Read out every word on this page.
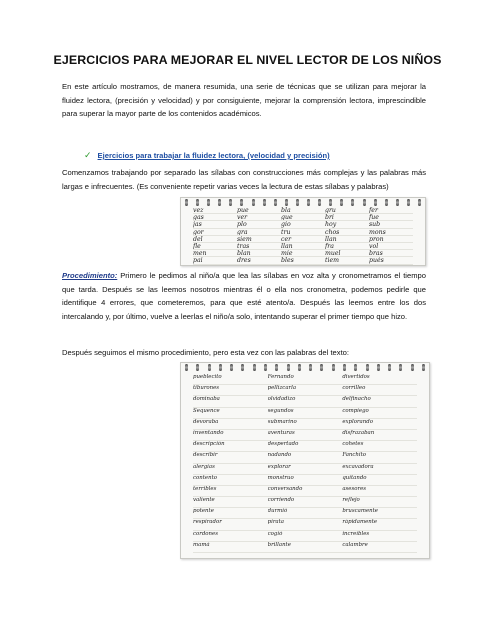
EJERCICIOS PARA MEJORAR EL NIVEL LECTOR DE LOS NIÑOS
En este artículo mostramos, de manera resumida, una serie de técnicas que se utilizan para mejorar la fluidez lectora, (precisión y velocidad) y por consiguiente, mejorar la comprensión lectora, imprescindible para superar la mayor parte de los contenidos académicos.
✓ Ejercicios para trabajar la fluidez lectora, (velocidad y precisión)
Comenzamos trabajando por separado las sílabas con construcciones más complejas y las palabras más largas e infrecuentes. (Es conveniente repetir varias veces la lectura de estas sílabas y palabras)
vez	pue	bla	gru	fer
gas	ver	gue	bri	fue
jas	plo	gio	hoy	sub
gor	gra	tru	chos	mons
del	siem	cer	llan	pron
fle	tras	llan	fra	vol
men	blan	mie	muel	bras
pai	dres	bles	tiem	pués
Procedimiento: Primero le pedimos al niño/a que lea las sílabas en voz alta y cronometramos el tiempo que tarda. Después se las leemos nosotros mientras él o ella nos cronometra, podemos pedirle que identifique 4 errores, que cometeremos, para que esté atento/a. Después las leemos entre los dos intercalando y, por último, vuelve a leerlas el niño/a solo, intentando superar el primer tiempo que hizo.
Después seguimos el mismo procedimiento, pero esta vez con las palabras del texto:
pueblecito	Fernando	divertidos
tiburones	pellizcarla	corrilleo
dominaba	olvidadizo	delfinacho
Sequence	segundos	compiego
devoraba	submarino	explorando
inventando	aventuras	disfrazaban
descripción	despertado	cohetes
describir	nadando	Fanchito
alergias	explorar	excavadora
contento	monstruo	quitando
terribles	conversando	asesores
valiente	corriendo	reflejo
potente	durmió	bruscamente
respirador	pirata	rápidamente
cordones	cogió	increíbles
mamá	brillante	calambre
